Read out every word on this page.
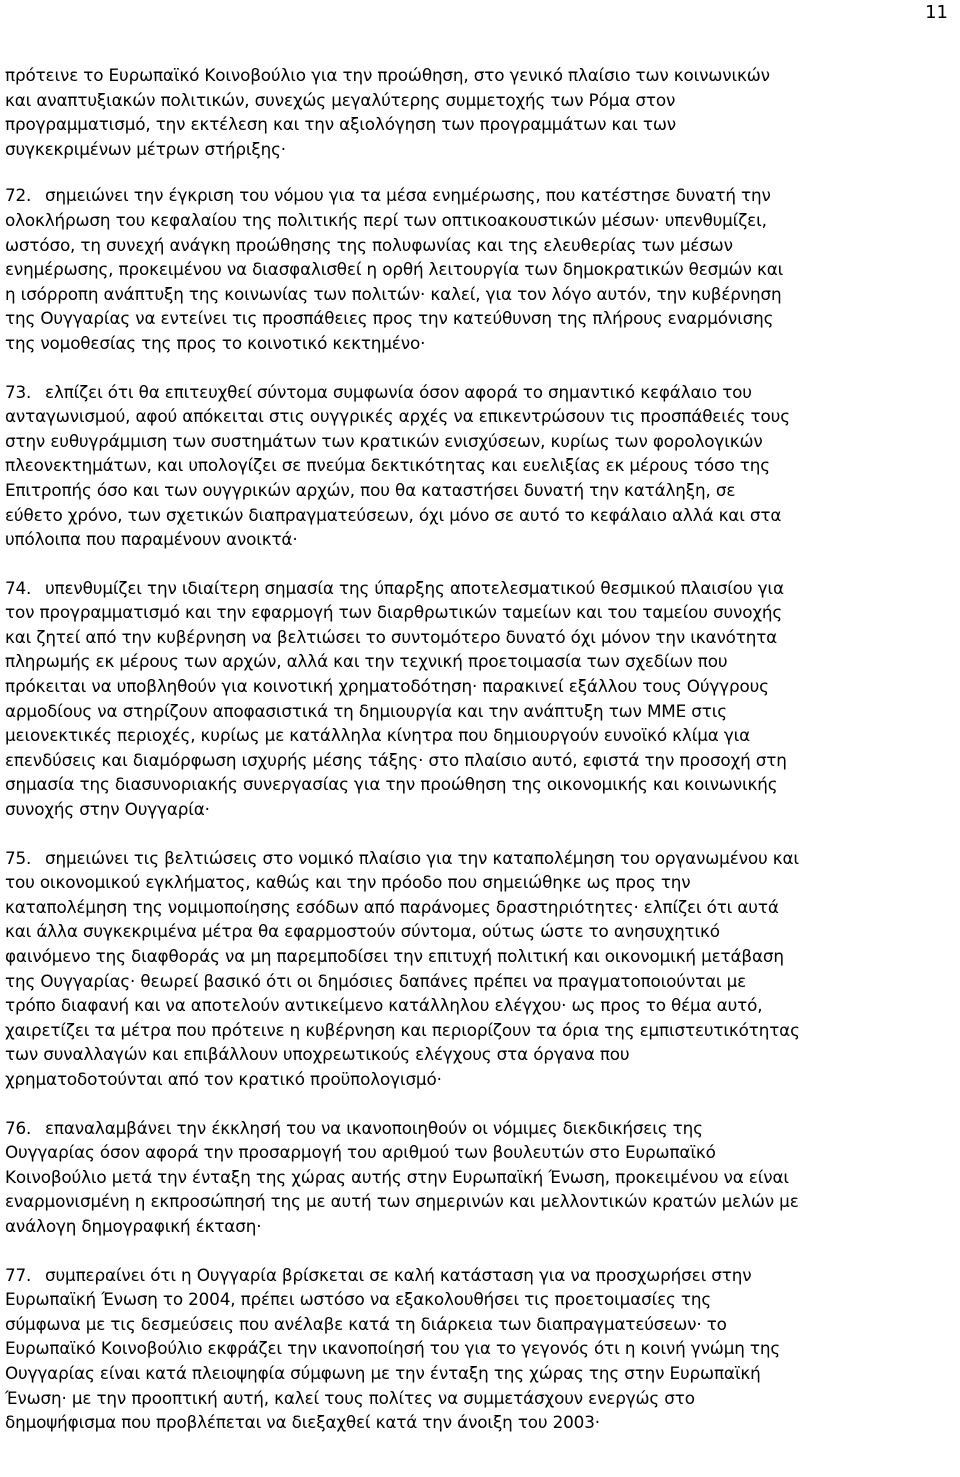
11

πρότεινε το Ευρωπαϊκό Κοινοβούλιο για την προώθηση, στο γενικό πλαίσιο των κοινωνικών
και αναπτυξιακών πολιτικών, συνεχώς μεγαλύτερης συμμετοχής των Ρόμα στον
προγραμματισμό, την εκτέλεση και την αξιολόγηση των προγραμμάτων και των
συγκεκριμένων μέτρων στήριξης·

72. σημειώνει την έγκριση του νόμου για τα μέσα ενημέρωσης, που κατέστησε δυνατή την
ολοκλήρωση του κεφαλαίου της πολιτικής περί των οπτικοακουστικών μέσων· υπενθυμίζει,
ωστόσο, τη συνεχή ανάγκη προώθησης της πολυφωνίας και της ελευθερίας των μέσων
ενημέρωσης, προκειμένου να διασφαλισθεί η ορθή λειτουργία των δημοκρατικών θεσμών και
η ισόρροπη ανάπτυξη της κοινωνίας των πολιτών· καλεί, για τον λόγο αυτόν, την κυβέρνηση
της Ουγγαρίας να εντείνει τις προσπάθειες προς την κατεύθυνση της πλήρους εναρμόνισης
της νομοθεσίας της προς το κοινοτικό κεκτημένο·

73. ελπίζει ότι θα επιτευχθεί σύντομα συμφωνία όσον αφορά το σημαντικό κεφάλαιο του
ανταγωνισμού, αφού απόκειται στις ουγγρικές αρχές να επικεντρώσουν τις προσπάθειές τους
στην ευθυγράμμιση των συστημάτων των κρατικών ενισχύσεων, κυρίως των φορολογικών
πλεονεκτημάτων, και υπολογίζει σε πνεύμα δεκτικότητας και ευελιξίας εκ μέρους τόσο της
Επιτροπής όσο και των ουγγρικών αρχών, που θα καταστήσει δυνατή την κατάληξη, σε
εύθετο χρόνο, των σχετικών διαπραγματεύσεων, όχι μόνο σε αυτό το κεφάλαιο αλλά και στα
υπόλοιπα που παραμένουν ανοικτά·

74. υπενθυμίζει την ιδιαίτερη σημασία της ύπαρξης αποτελεσματικού θεσμικού πλαισίου για
τον προγραμματισμό και την εφαρμογή των διαρθρωτικών ταμείων και του ταμείου συνοχής
και ζητεί από την κυβέρνηση να βελτιώσει το συντομότερο δυνατό όχι μόνον την ικανότητα
πληρωμής εκ μέρους των αρχών, αλλά και την τεχνική προετοιμασία των σχεδίων που
πρόκειται να υποβληθούν για κοινοτική χρηματοδότηση· παρακινεί εξάλλου τους Ούγγρους
αρμοδίους να στηρίζουν αποφασιστικά τη δημιουργία και την ανάπτυξη των ΜΜΕ στις
μειονεκτικές περιοχές, κυρίως με κατάλληλα κίνητρα που δημιουργούν ευνοϊκό κλίμα για
επενδύσεις και διαμόρφωση ισχυρής μέσης τάξης· στο πλαίσιο αυτό, εφιστά την προσοχή στη
σημασία της διασυνοριακής συνεργασίας για την προώθηση της οικονομικής και κοινωνικής
συνοχής στην Ουγγαρία·

75. σημειώνει τις βελτιώσεις στο νομικό πλαίσιο για την καταπολέμηση του οργανωμένου και
του οικονομικού εγκλήματος, καθώς και την πρόοδο που σημειώθηκε ως προς την
καταπολέμηση της νομιμοποίησης εσόδων από παράνομες δραστηριότητες· ελπίζει ότι αυτά
και άλλα συγκεκριμένα μέτρα θα εφαρμοστούν σύντομα, ούτως ώστε το ανησυχητικό
φαινόμενο της διαφθοράς να μη παρεμποδίσει την επιτυχή πολιτική και οικονομική μετάβαση
της Ουγγαρίας· θεωρεί βασικό ότι οι δημόσιες δαπάνες πρέπει να πραγματοποιούνται με
τρόπο διαφανή και να αποτελούν αντικείμενο κατάλληλου ελέγχου· ως προς το θέμα αυτό,
χαιρετίζει τα μέτρα που πρότεινε η κυβέρνηση και περιορίζουν τα όρια της εμπιστευτικότητας
των συναλλαγών και επιβάλλουν υποχρεωτικούς ελέγχους στα όργανα που
χρηματοδοτούνται από τον κρατικό προϋπολογισμό·

76. επαναλαμβάνει την έκκλησή του να ικανοποιηθούν οι νόμιμες διεκδικήσεις της
Ουγγαρίας όσον αφορά την προσαρμογή του αριθμού των βουλευτών στο Ευρωπαϊκό
Κοινοβούλιο μετά την ένταξη της χώρας αυτής στην Ευρωπαϊκή Ένωση, προκειμένου να είναι
εναρμονισμένη η εκπροσώπησή της με αυτή των σημερινών και μελλοντικών κρατών μελών με
ανάλογη δημογραφική έκταση·

77. συμπεραίνει ότι η Ουγγαρία βρίσκεται σε καλή κατάσταση για να προσχωρήσει στην
Ευρωπαϊκή Ένωση το 2004, πρέπει ωστόσο να εξακολουθήσει τις προετοιμασίες της
σύμφωνα με τις δεσμεύσεις που ανέλαβε κατά τη διάρκεια των διαπραγματεύσεων· το
Ευρωπαϊκό Κοινοβούλιο εκφράζει την ικανοποίησή του για το γεγονός ότι η κοινή γνώμη της
Ουγγαρίας είναι κατά πλειοψηφία σύμφωνη με την ένταξη της χώρας της στην Ευρωπαϊκή
Ένωση· με την προοπτική αυτή, καλεί τους πολίτες να συμμετάσχουν ενεργώς στο
δημοψήφισμα που προβλέπεται να διεξαχθεί κατά την άνοιξη του 2003·
